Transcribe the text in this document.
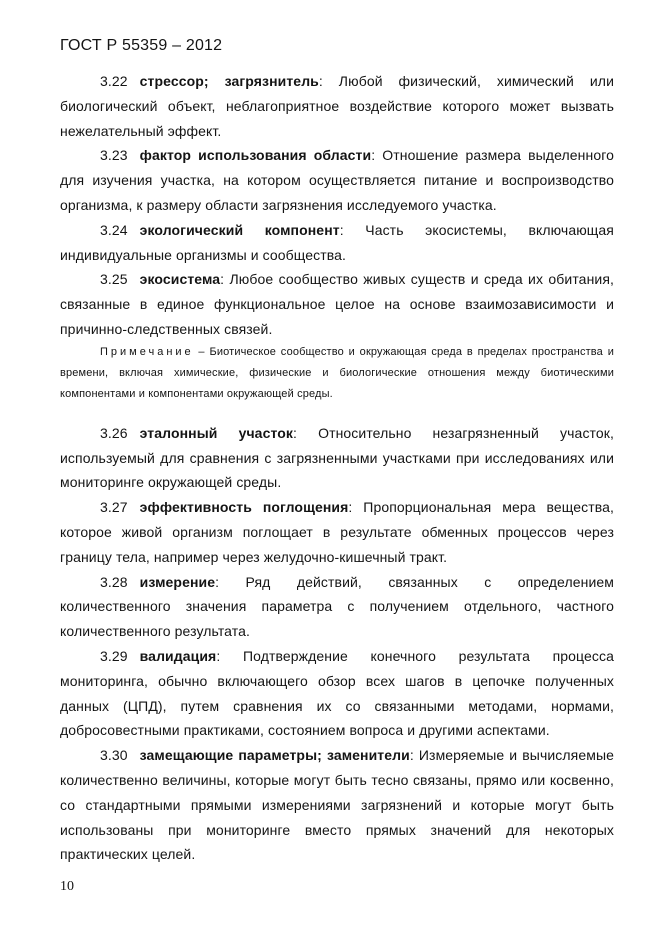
ГОСТ Р 55359 – 2012

3.22 стрессор; загрязнитель: Любой физический, химический или биологический объект, неблагоприятное воздействие которого может вызвать нежелательный эффект.

3.23 фактор использования области: Отношение размера выделенного для изучения участка, на котором осуществляется питание и воспроизводство организма, к размеру области загрязнения исследуемого участка.

3.24 экологический компонент: Часть экосистемы, включающая индивидуальные организмы и сообщества.

3.25 экосистема: Любое сообщество живых существ и среда их обитания, связанные в единое функциональное целое на основе взаимозависимости и причинно-следственных связей.

Примечание – Биотическое сообщество и окружающая среда в пределах пространства и времени, включая химические, физические и биологические отношения между биотическими компонентами и компонентами окружающей среды.

3.26 эталонный участок: Относительно незагрязненный участок, используемый для сравнения с загрязненными участками при исследованиях или мониторинге окружающей среды.

3.27 эффективность поглощения: Пропорциональная мера вещества, которое живой организм поглощает в результате обменных процессов через границу тела, например через желудочно-кишечный тракт.

3.28 измерение: Ряд действий, связанных с определением количественного значения параметра с получением отдельного, частного количественного результата.

3.29 валидация: Подтверждение конечного результата процесса мониторинга, обычно включающего обзор всех шагов в цепочке полученных данных (ЦПД), путем сравнения их со связанными методами, нормами, добросовестными практиками, состоянием вопроса и другими аспектами.

3.30 замещающие параметры; заменители: Измеряемые и вычисляемые количественно величины, которые могут быть тесно связаны, прямо или косвенно, со стандартными прямыми измерениями загрязнений и которые могут быть использованы при мониторинге вместо прямых значений для некоторых практических целей.

10
